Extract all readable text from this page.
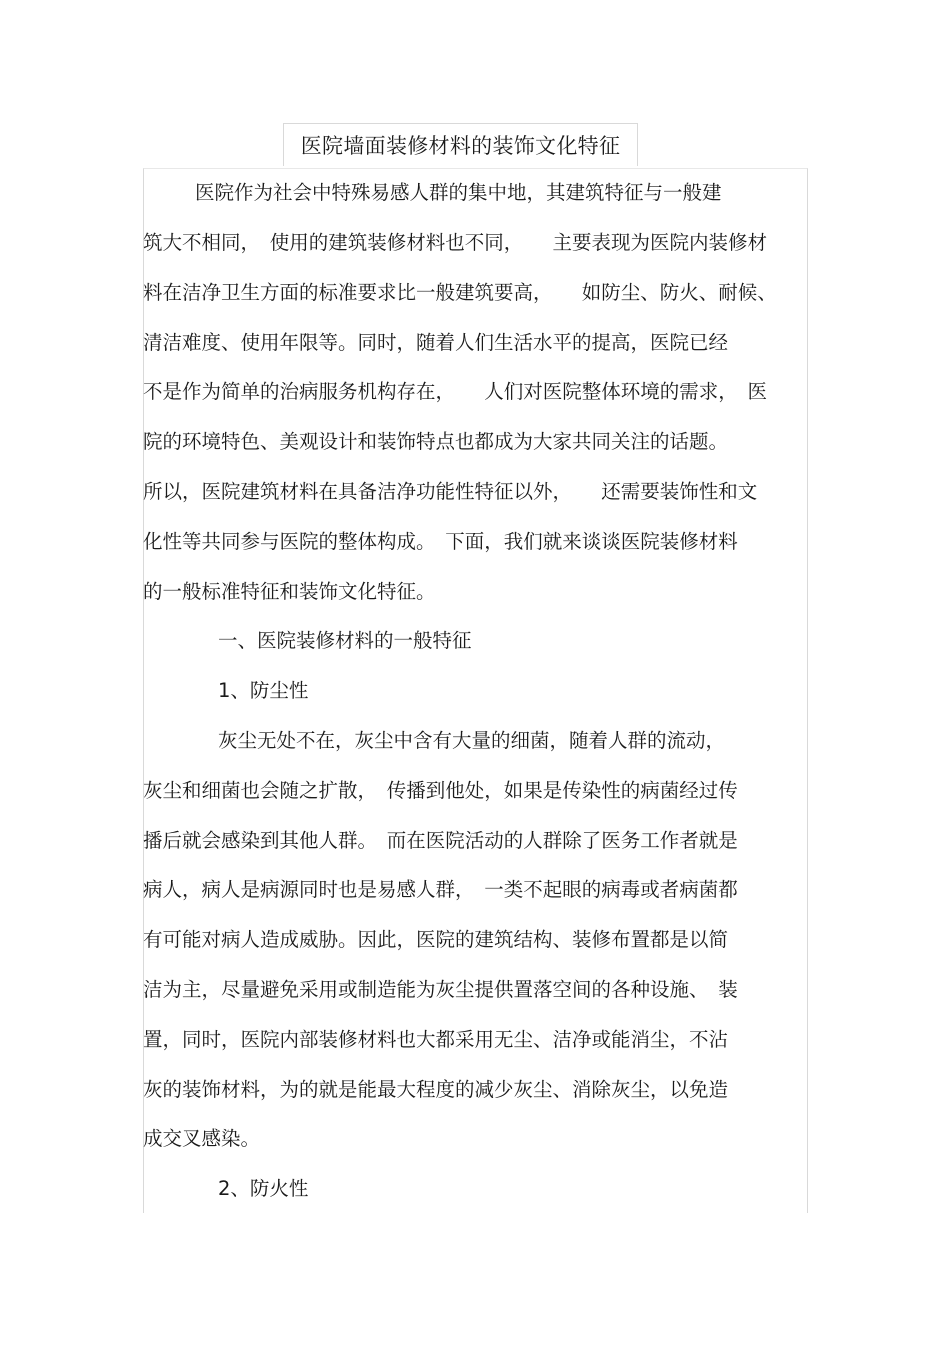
医院墙面装修材料的装饰文化特征
医院作为社会中特殊易感人群的集中地，其建筑特征与一般建
筑大不相同，　使用的建筑装修材料也不同，　　主要表现为医院内装修材
料在洁净卫生方面的标准要求比一般建筑要高，　　如防尘、防火、耐候、
清洁难度、使用年限等。同时，随着人们生活水平的提高，医院已经
不是作为简单的治病服务机构存在，　　人们对医院整体环境的需求，　医
院的环境特色、美观设计和装饰特点也都成为大家共同关注的话题。
所以，医院建筑材料在具备洁净功能性特征以外，　　还需要装饰性和文
化性等共同参与医院的整体构成。　下面，我们就来谈谈医院装修材料
的一般标准特征和装饰文化特征。
一、医院装修材料的一般特征
1、防尘性
灰尘无处不在，灰尘中含有大量的细菌，随着人群的流动，
灰尘和细菌也会随之扩散，　传播到他处，如果是传染性的病菌经过传
播后就会感染到其他人群。　而在医院活动的人群除了医务工作者就是
病人，病人是病源同时也是易感人群，　一类不起眼的病毒或者病菌都
有可能对病人造成威胁。因此，医院的建筑结构、装修布置都是以简
洁为主，尽量避免采用或制造能为灰尘提供置落空间的各种设施、　装
置，同时，医院内部装修材料也大都采用无尘、洁净或能消尘，不沾
灰的装饰材料，为的就是能最大程度的减少灰尘、消除灰尘，以免造
成交叉感染。
2、防火性
